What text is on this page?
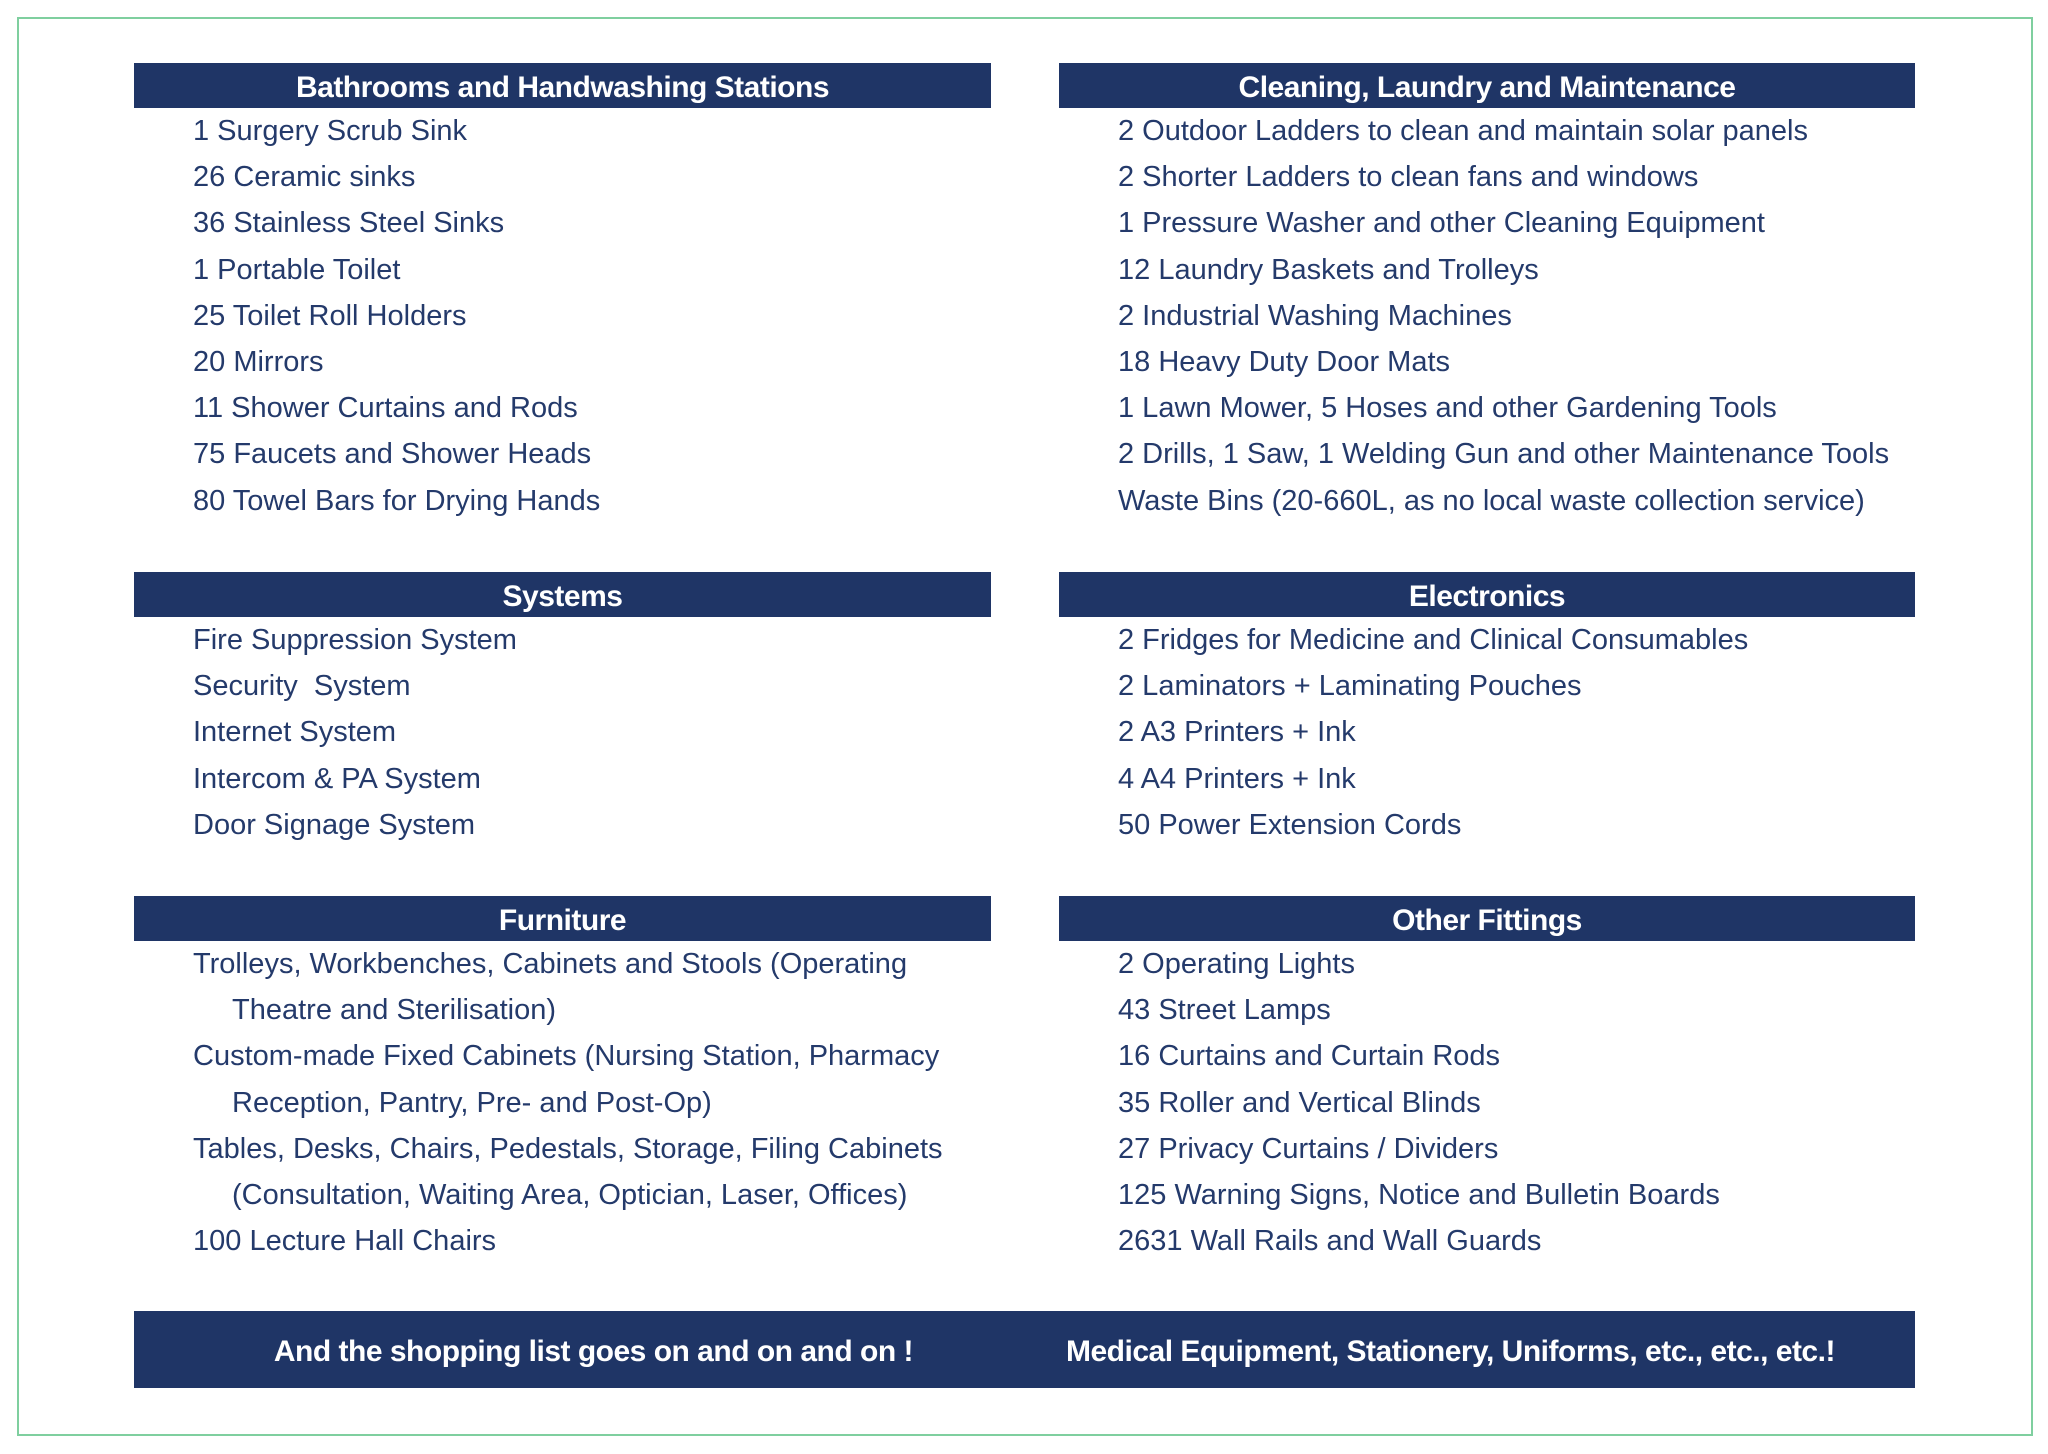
Bathrooms and Handwashing Stations
1 Surgery Scrub Sink
26 Ceramic sinks
36 Stainless Steel Sinks
1 Portable Toilet
25 Toilet Roll Holders
20 Mirrors
11 Shower Curtains and Rods
75 Faucets and Shower Heads
80 Towel Bars for Drying Hands
Cleaning, Laundry and Maintenance
2 Outdoor Ladders to clean and maintain solar panels
2 Shorter Ladders to clean fans and windows
1 Pressure Washer and other Cleaning Equipment
12 Laundry Baskets and Trolleys
2 Industrial Washing Machines
18 Heavy Duty Door Mats
1 Lawn Mower, 5 Hoses and other Gardening Tools
2 Drills, 1 Saw, 1 Welding Gun and other Maintenance Tools
Waste Bins (20-660L, as no local waste collection service)
Systems
Fire Suppression System
Security  System
Internet System
Intercom & PA System
Door Signage System
Electronics
2 Fridges for Medicine and Clinical Consumables
2 Laminators + Laminating Pouches
2 A3 Printers + Ink
4 A4 Printers + Ink
50 Power Extension Cords
Furniture
Trolleys, Workbenches, Cabinets and Stools (Operating Theatre and Sterilisation)
Custom-made Fixed Cabinets (Nursing Station, Pharmacy Reception, Pantry, Pre- and Post-Op)
Tables, Desks, Chairs, Pedestals, Storage, Filing Cabinets (Consultation, Waiting Area, Optician, Laser, Offices)
100 Lecture Hall Chairs
Other Fittings
2 Operating Lights
43 Street Lamps
16 Curtains and Curtain Rods
35 Roller and Vertical Blinds
27 Privacy Curtains / Dividers
125 Warning Signs, Notice and Bulletin Boards
2631 Wall Rails and Wall Guards
And the shopping list goes on and on and on !	Medical Equipment, Stationery, Uniforms, etc., etc., etc.!
